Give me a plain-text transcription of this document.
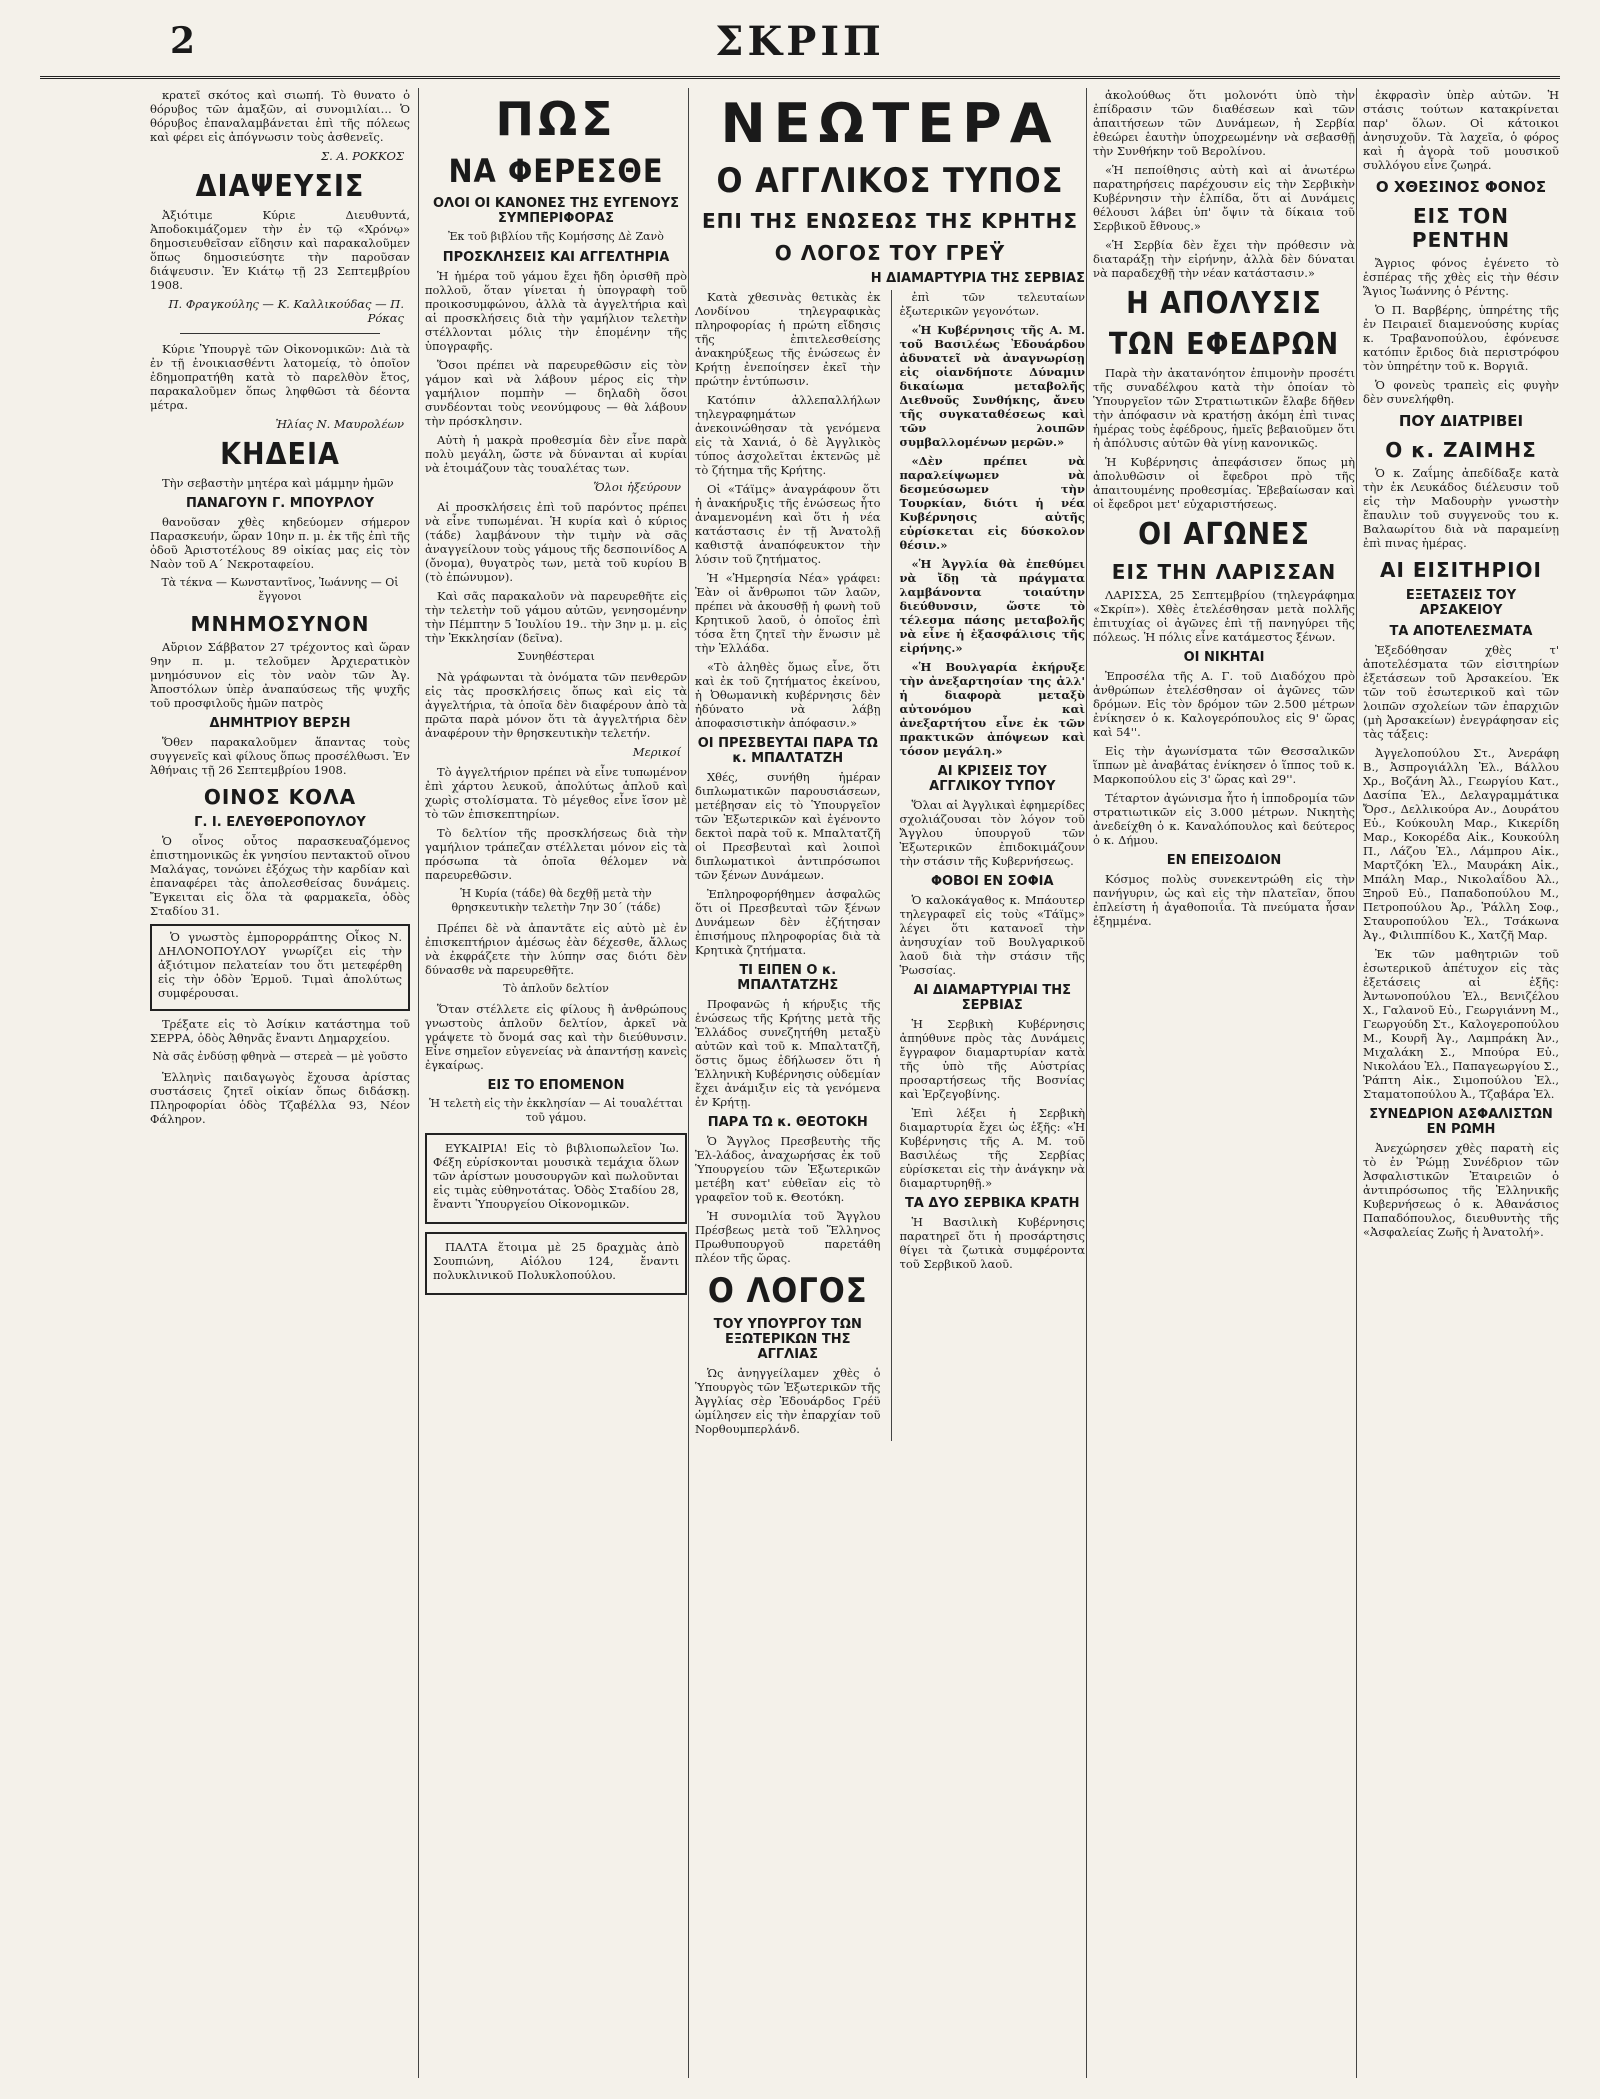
2	ΣΚΡΙΠ

κρατεῖ σκότος καὶ σιωπή. Τὸ θυνατο ὁ θόρυβος τῶν ἀμαξῶν, αἱ συνομιλίαι... Ὁ θόρυβος ἐπαναλαμβάνεται ἐπὶ τῆς πόλεως καὶ φέρει εἰς ἀπόγνωσιν τοὺς ἀσθενεῖς.

Σ. Α. ΡΟΚΚΟΣ
ΔΙΑΨΕΥΣΙΣ

Ἀξιότιμε Κύριε Διευθυντά, Ἀποδοκιμάζομεν τὴν ἐν τῷ «Χρόνῳ» δημοσιευθεῖσαν εἴδησιν καὶ παρακαλοῦμεν ὅπως δημοσιεύσητε τὴν παροῦσαν διάψευσιν. Ἐν Κιάτῳ τῇ 23 Σεπτεμβρίου 1908.

Π. Φραγκούλης — Κ. Καλλικούδας — Π. Ρόκας

Κύριε Ὑπουργὲ τῶν Οἰκονομικῶν: Διὰ τὰ ἐν τῇ ἐνοικιασθέντι λατομείᾳ, τὸ ὁποῖον ἐδημοπρατήθη κατὰ τὸ παρελθὸν ἔτος, παρακαλοῦμεν ὅπως ληφθῶσι τὰ δέοντα μέτρα.

Ἠλίας Ν. Μαυρολέων
ΚΗΔΕΙΑ

Τὴν σεβαστὴν μητέρα καὶ μάμμην ἡμῶν

ΠΑΝΑΓΟΥΝ Γ. ΜΠΟΥΡΛΟΥ

θανοῦσαν χθὲς κηδεύομεν σήμερον Παρασκευήν, ὥραν 10ην π. μ. ἐκ τῆς ἐπὶ τῆς ὁδοῦ Ἀριστοτέλους 89 οἰκίας μας εἰς τὸν Ναὸν τοῦ Α΄ Νεκροταφείου.

Τὰ τέκνα — Κωνσταντῖνος, Ἰωάννης — Οἱ ἔγγονοι
ΜΝΗΜΟΣΥΝΟΝ

Αὔριον Σάββατον 27 τρέχοντος καὶ ὥραν 9ην π. μ. τελοῦμεν Ἀρχιερατικὸν μνημόσυνον εἰς τὸν ναὸν τῶν Ἀγ. Ἀποστόλων ὑπὲρ ἀναπαύσεως τῆς ψυχῆς τοῦ προσφιλοῦς ἡμῶν πατρὸς

ΔΗΜΗΤΡΙΟΥ ΒΕΡΣΗ

Ὅθεν παρακαλοῦμεν ἅπαντας τοὺς συγγενεῖς καὶ φίλους ὅπως προσέλθωσι. Ἐν Ἀθήναις τῇ 26 Σεπτεμβρίου 1908.

ΟΙΝΟΣ ΚΟΛΑ
Γ. Ι. ΕΛΕΥΘΕΡΟΠΟΥΛΟΥ

Ὁ οἶνος οὗτος παρασκευαζόμενος ἐπιστημονικῶς ἐκ γνησίου πεντακτοῦ οἴνου Μαλάγας, τονώνει ἐξόχως τὴν καρδίαν καὶ ἐπαναφέρει τὰς ἀπολεσθείσας δυνάμεις. Ἔγκειται εἰς ὅλα τὰ φαρμακεῖα, ὁδὸς Σταδίου 31.

Ὁ γνωστὸς ἐμπορορράπτης Οἶκος Ν. ΔΗΛΟΝΟΠΟΥΛΟΥ γνωρίζει εἰς τὴν ἀξιότιμον πελατείαν του ὅτι μετεφέρθη εἰς τὴν ὁδὸν Ἑρμοῦ. Τιμαὶ ἀπολύτως συμφέρουσαι.

Τρέξατε εἰς τὸ Ἀσίκιν κατάστημα τοῦ ΣΕΡΡΑ, ὁδὸς Ἀθηνᾶς ἔναντι Δημαρχείου.

Νὰ σᾶς ἐνδύσῃ φθηνὰ — στερεὰ — μὲ γοῦστο

Ἑλληνὶς παιδαγωγὸς ἔχουσα ἀρίστας συστάσεις ζητεῖ οἰκίαν ὅπως διδάσκῃ. Πληροφορίαι ὁδὸς Τζαβέλλα 93, Νέον Φάληρον.

ΠΩΣ
ΝΑ ΦΕΡΕΣΘΕ
ΟΛΟΙ ΟΙ ΚΑΝΟΝΕΣ ΤΗΣ ΕΥΓΕΝΟΥΣ ΣΥΜΠΕΡΙΦΟΡΑΣ
Ἐκ τοῦ βιβλίου τῆς Κομήσσης Δὲ Ζανὸ
ΠΡΟΣΚΛΗΣΕΙΣ ΚΑΙ ΑΓΓΕΛΤΗΡΙΑ

Ἡ ἡμέρα τοῦ γάμου ἔχει ἤδη ὁρισθῆ πρὸ πολλοῦ, ὅταν γίνεται ἡ ὑπογραφὴ τοῦ προικοσυμφώνου, ἀλλὰ τὰ ἀγγελτήρια καὶ αἱ προσκλήσεις διὰ τὴν γαμήλιον τελετὴν στέλλονται μόλις τὴν ἐπομένην τῆς ὑπογραφῆς.

Ὅσοι πρέπει νὰ παρευρεθῶσιν εἰς τὸν γάμον καὶ νὰ λάβουν μέρος εἰς τὴν γαμήλιον πομπὴν — δηλαδὴ ὅσοι συνδέονται τοὺς νεονύμφους — θὰ λάβουν τὴν πρόσκλησιν.

Αὐτὴ ἡ μακρὰ προθεσμία δὲν εἶνε παρὰ πολὺ μεγάλη, ὥστε νὰ δύνανται αἱ κυρίαι νὰ ἑτοιμάζουν τὰς τουαλέτας των.

Ὅλοι ἠξεύρουν

Αἱ προσκλήσεις ἐπὶ τοῦ παρόντος πρέπει νὰ εἶνε τυπωμέναι. Ἡ κυρία καὶ ὁ κύριος (τάδε) λαμβάνουν τὴν τιμὴν νὰ σᾶς ἀναγγείλουν τοὺς γάμους τῆς δεσποινίδος Α (ὄνομα), θυγατρὸς των, μετὰ τοῦ κυρίου Β (τὸ ἐπώνυμον).

Καὶ σᾶς παρακαλοῦν νὰ παρευρεθῆτε εἰς τὴν τελετὴν τοῦ γάμου αὐτῶν, γενησομένην τὴν Πέμπτην 5 Ἰουλίου 19.. τὴν 3ην μ. μ. εἰς τὴν Ἐκκλησίαν (δεῖνα).

Συνηθέστεραι

Νὰ γράφωνται τὰ ὀνόματα τῶν πενθερῶν εἰς τὰς προσκλήσεις ὅπως καὶ εἰς τὰ ἀγγελτήρια, τὰ ὁποῖα δὲν διαφέρουν ἀπὸ τὰ πρῶτα παρὰ μόνον ὅτι τὰ ἀγγελτήρια δὲν ἀναφέρουν τὴν θρησκευτικὴν τελετήν.

Μερικοί

Τὸ ἀγγελτήριον πρέπει νὰ εἶνε τυπωμένον ἐπὶ χάρτου λευκοῦ, ἀπολύτως ἁπλοῦ καὶ χωρὶς στολίσματα. Τὸ μέγεθος εἶνε ἴσον μὲ τὸ τῶν ἐπισκεπτηρίων.

Τὸ δελτίον τῆς προσκλήσεως διὰ τὴν γαμήλιον τράπεζαν στέλλεται μόνον εἰς τὰ πρόσωπα τὰ ὁποῖα θέλομεν νὰ παρευρεθῶσιν.

Ἡ Κυρία (τάδε) θὰ δεχθῇ μετὰ τὴν θρησκευτικὴν τελετὴν 7ην 30΄ (τάδε)

Πρέπει δὲ νὰ ἀπαντᾶτε εἰς αὐτὸ μὲ ἐν ἐπισκεπτήριον ἀμέσως ἐὰν δέχεσθε, ἄλλως νὰ ἐκφράζετε τὴν λύπην σας διότι δὲν δύνασθε νὰ παρευρεθῆτε.

Τὸ ἁπλοῦν δελτίον

Ὅταν στέλλετε εἰς φίλους ἢ ἀνθρώπους γνωστοὺς ἁπλοῦν δελτίον, ἀρκεῖ νὰ γράψετε τὸ ὄνομά σας καὶ τὴν διεύθυνσιν. Εἶνε σημεῖον εὐγενείας νὰ ἀπαντήσῃ κανεὶς ἐγκαίρως.

ΕΙΣ ΤΟ ΕΠΟΜΕΝΟΝ
Ἡ τελετὴ εἰς τὴν ἐκκλησίαν — Αἱ τουαλέτται τοῦ γάμου.

ΕΥΚΑΙΡΙΑ! Εἰς τὸ βιβλιοπωλεῖον Ἰω. Φέξη εὑρίσκονται μουσικὰ τεμάχια ὅλων τῶν ἀρίστων μουσουργῶν καὶ πωλοῦνται εἰς τιμὰς εὐθηνοτάτας. Ὁδὸς Σταδίου 28, ἔναντι Ὑπουργείου Οἰκονομικῶν.

ΠΑΛΤΑ ἕτοιμα μὲ 25 δραχμὰς ἀπὸ Σουπιώνη, Αἰόλου 124, ἔναντι πολυκλινικοῦ Πολυκλοπούλου.

ΝΕΩΤΕΡΑ
Ο ΑΓΓΛΙΚΟΣ ΤΥΠΟΣ
ΕΠΙ ΤΗΣ ΕΝΩΣΕΩΣ ΤΗΣ ΚΡΗΤΗΣ
Ο ΛΟΓΟΣ ΤΟΥ ΓΡΕΫ
Η ΔΙΑΜΑΡΤΥΡΙΑ ΤΗΣ ΣΕΡΒΙΑΣ

Κατὰ χθεσινὰς θετικὰς ἐκ Λονδίνου τηλεγραφικὰς πληροφορίας ἡ πρώτη εἴδησις τῆς ἐπιτελεσθείσης ἀνακηρύξεως τῆς ἑνώσεως ἐν Κρήτῃ ἐνεποίησεν ἐκεῖ τὴν πρώτην ἐντύπωσιν.

Κατόπιν ἀλλεπαλλήλων τηλεγραφημάτων ἀνεκοινώθησαν τὰ γενόμενα εἰς τὰ Χανιά, ὁ δὲ Ἀγγλικὸς τύπος ἀσχολεῖται ἐκτενῶς μὲ τὸ ζήτημα τῆς Κρήτης.

Οἱ «Τάϊμς» ἀναγράφουν ὅτι ἡ ἀνακήρυξις τῆς ἑνώσεως ἦτο ἀναμενομένη καὶ ὅτι ἡ νέα κατάστασις ἐν τῇ Ἀνατολῇ καθιστᾷ ἀναπόφευκτον τὴν λύσιν τοῦ ζητήματος.

Ἡ «Ἡμερησία Νέα» γράφει: Ἐὰν οἱ ἄνθρωποι τῶν λαῶν, πρέπει νὰ ἀκουσθῇ ἡ φωνὴ τοῦ Κρητικοῦ λαοῦ, ὁ ὁποῖος ἐπὶ τόσα ἔτη ζητεῖ τὴν ἕνωσιν μὲ τὴν Ἑλλάδα.

«Τὸ ἀληθὲς ὅμως εἶνε, ὅτι καὶ ἐκ τοῦ ζητήματος ἐκείνου, ἡ Ὀθωμανικὴ κυβέρνησις δὲν ἠδύνατο νὰ λάβῃ ἀποφασιστικὴν ἀπόφασιν.»

ΟΙ ΠΡΕΣΒΕΥΤΑΙ ΠΑΡΑ ΤΩ κ. ΜΠΑΛΤΑΤΖΗ

Χθές, συνήθη ἡμέραν διπλωματικῶν παρουσιάσεων, μετέβησαν εἰς τὸ Ὑπουργεῖον τῶν Ἐξωτερικῶν καὶ ἐγένοντο δεκτοὶ παρὰ τοῦ κ. Μπαλτατζῆ οἱ Πρεσβευταὶ καὶ λοιποὶ διπλωματικοὶ ἀντιπρόσωποι τῶν ξένων Δυνάμεων.

Ἐπληροφορήθημεν ἀσφαλῶς ὅτι οἱ Πρεσβευταὶ τῶν ξένων Δυνάμεων δὲν ἐζήτησαν ἐπισήμους πληροφορίας διὰ τὰ Κρητικὰ ζητήματα.

ΤΙ ΕΙΠΕΝ Ο κ. ΜΠΑΛΤΑΤΖΗΣ

Προφανῶς ἡ κήρυξις τῆς ἑνώσεως τῆς Κρήτης μετὰ τῆς Ἑλλάδος συνεζητήθη μεταξὺ αὐτῶν καὶ τοῦ κ. Μπαλτατζῆ, ὅστις ὅμως ἐδήλωσεν ὅτι ἡ Ἑλληνικὴ Κυβέρνησις οὐδεμίαν ἔχει ἀνάμιξιν εἰς τὰ γενόμενα ἐν Κρήτῃ.

ΠΑΡΑ ΤΩ κ. ΘΕΟΤΟΚΗ

Ὁ Ἄγγλος Πρεσβευτὴς τῆς Ἐλ-λάδος, ἀναχωρήσας ἐκ τοῦ Ὑπουργείου τῶν Ἐξωτερικῶν μετέβη κατ' εὐθεῖαν εἰς τὸ γραφεῖον τοῦ κ. Θεοτόκη.

Ἡ συνομιλία τοῦ Ἄγγλου Πρέσβεως μετὰ τοῦ Ἕλληνος Πρωθυπουργοῦ παρετάθη πλέον τῆς ὥρας.

Ο ΛΟΓΟΣ
ΤΟΥ ΥΠΟΥΡΓΟΥ ΤΩΝ ΕΞΩΤΕΡΙΚΩΝ ΤΗΣ ΑΓΓΛΙΑΣ

Ὡς ἀνηγγείλαμεν χθὲς ὁ Ὑπουργὸς τῶν Ἐξωτερικῶν τῆς Ἀγγλίας σὲρ Ἐδουάρδος Γρέϋ ὡμίλησεν εἰς τὴν ἐπαρχίαν τοῦ Νορθουμπερλάνδ.

ἐπὶ τῶν τελευταίων ἐξωτερικῶν γεγονότων.

«Ἡ Κυβέρνησις τῆς Α. Μ. τοῦ Βασιλέως Ἐδουάρδου ἀδυνατεῖ νὰ ἀναγνωρίσῃ εἰς οἱανδήποτε Δύναμιν δικαίωμα μεταβολῆς Διεθνοῦς Συνθήκης, ἄνευ τῆς συγκαταθέσεως καὶ τῶν λοιπῶν συμβαλλομένων μερῶν.»

«Δὲν πρέπει νὰ παραλείψωμεν νὰ δεσμεύσωμεν τὴν Τουρκίαν, διότι ἡ νέα Κυβέρνησις αὐτῆς εὑρίσκεται εἰς δύσκολον θέσιν.»

«Ἡ Ἀγγλία θὰ ἐπεθύμει νὰ ἴδῃ τὰ πράγματα λαμβάνοντα τοιαύτην διεύθυνσιν, ὥστε τὸ τέλεσμα πάσης μεταβολῆς νὰ εἶνε ἡ ἐξασφάλισις τῆς εἰρήνης.»

«Ἡ Βουλγαρία ἐκήρυξε τὴν ἀνεξαρτησίαν της ἀλλ' ἡ διαφορὰ μεταξὺ αὐτονόμου καὶ ἀνεξαρτήτου εἶνε ἐκ τῶν πρακτικῶν ἀπόψεων καὶ τόσον μεγάλη.»

ΑΙ ΚΡΙΣΕΙΣ ΤΟΥ ΑΓΓΛΙΚΟΥ ΤΥΠΟΥ

Ὅλαι αἱ Ἀγγλικαὶ ἐφημερίδες σχολιάζουσαι τὸν λόγον τοῦ Ἄγγλου ὑπουργοῦ τῶν Ἐξωτερικῶν ἐπιδοκιμάζουν τὴν στάσιν τῆς Κυβερνήσεως.

ΦΟΒΟΙ ΕΝ ΣΟΦΙΑ

Ὁ καλοκάγαθος κ. Μπάουτερ τηλεγραφεῖ εἰς τοὺς «Τάϊμς» λέγει ὅτι κατανοεῖ τὴν ἀνησυχίαν τοῦ Βουλγαρικοῦ λαοῦ διὰ τὴν στάσιν τῆς Ῥωσσίας.

ΑΙ ΔΙΑΜΑΡΤΥΡΙΑΙ ΤΗΣ ΣΕΡΒΙΑΣ

Ἡ Σερβικὴ Κυβέρνησις ἀπηύθυνε πρὸς τὰς Δυνάμεις ἔγγραφον διαμαρτυρίαν κατὰ τῆς ὑπὸ τῆς Αὐστρίας προσαρτήσεως τῆς Βοσνίας καὶ Ἐρζεγοβίνης.

Ἐπὶ λέξει ἡ Σερβικὴ διαμαρτυρία ἔχει ὡς ἑξῆς: «Ἡ Κυβέρνησις τῆς Α. Μ. τοῦ Βασιλέως τῆς Σερβίας εὑρίσκεται εἰς τὴν ἀνάγκην νὰ διαμαρτυρηθῇ.»

ΤΑ ΔΥΟ ΣΕΡΒΙΚΑ ΚΡΑΤΗ

Ἡ Βασιλικὴ Κυβέρνησις παρατηρεῖ ὅτι ἡ προσάρτησις θίγει τὰ ζωτικὰ συμφέροντα τοῦ Σερβικοῦ λαοῦ.

ἀκολούθως ὅτι μολονότι ὑπὸ τὴν ἐπίδρασιν τῶν διαθέσεων καὶ τῶν ἀπαιτήσεων τῶν Δυνάμεων, ἡ Σερβία ἐθεώρει ἑαυτὴν ὑποχρεωμένην νὰ σεβασθῇ τὴν Συνθήκην τοῦ Βερολίνου.

«Ἡ πεποίθησις αὐτὴ καὶ αἱ ἀνωτέρω παρατηρήσεις παρέχουσιν εἰς τὴν Σερβικὴν Κυβέρνησιν τὴν ἐλπίδα, ὅτι αἱ Δυνάμεις θέλουσι λάβει ὑπ' ὄψιν τὰ δίκαια τοῦ Σερβικοῦ ἔθνους.»

«Ἡ Σερβία δὲν ἔχει τὴν πρόθεσιν νὰ διαταράξῃ τὴν εἰρήνην, ἀλλὰ δὲν δύναται νὰ παραδεχθῇ τὴν νέαν κατάστασιν.»

Η ΑΠΟΛΥΣΙΣ
ΤΩΝ ΕΦΕΔΡΩΝ

Παρὰ τὴν ἀκατανόητον ἐπιμονὴν προσέτι τῆς συναδέλφου κατὰ τὴν ὁποίαν τὸ Ὑπουργεῖον τῶν Στρατιωτικῶν ἔλαβε δῆθεν τὴν ἀπόφασιν νὰ κρατήσῃ ἀκόμη ἐπὶ τινας ἡμέρας τοὺς ἐφέδρους, ἡμεῖς βεβαιοῦμεν ὅτι ἡ ἀπόλυσις αὐτῶν θὰ γίνῃ κανονικῶς.

Ἡ Κυβέρνησις ἀπεφάσισεν ὅπως μὴ ἀπολυθῶσιν οἱ ἔφεδροι πρὸ τῆς ἀπαιτουμένης προθεσμίας. Ἐβεβαίωσαν καὶ οἱ ἔφεδροι μετ' εὐχαριστήσεως.

ΟΙ ΑΓΩΝΕΣ
ΕΙΣ ΤΗΝ ΛΑΡΙΣΣΑΝ

ΛΑΡΙΣΣΑ, 25 Σεπτεμβρίου (τηλεγράφημα «Σκρίπ»). Χθὲς ἐτελέσθησαν μετὰ πολλῆς ἐπιτυχίας οἱ ἀγῶνες ἐπὶ τῇ πανηγύρει τῆς πόλεως. Ἡ πόλις εἶνε κατάμεστος ξένων.

ΟΙ ΝΙΚΗΤΑΙ

Ἐπροσέλα τῆς Α. Γ. τοῦ Διαδόχου πρὸ ἀνθρώπων ἐτελέσθησαν οἱ ἀγῶνες τῶν δρόμων. Εἰς τὸν δρόμον τῶν 2.500 μέτρων ἐνίκησεν ὁ κ. Καλογερόπουλος εἰς 9' ὥρας καὶ 54''.

Εἰς τὴν ἀγωνίσματα τῶν Θεσσαλικῶν ἵππων μὲ ἀναβάτας ἐνίκησεν ὁ ἵππος τοῦ κ. Μαρκοπούλου εἰς 3' ὥρας καὶ 29''.

Τέταρτον ἀγώνισμα ἦτο ἡ ἱπποδρομία τῶν στρατιωτικῶν εἰς 3.000 μέτρων. Νικητὴς ἀνεδείχθη ὁ κ. Καναλόπουλος καὶ δεύτερος ὁ κ. Δήμου.

ΕΝ ΕΠΕΙΣΟΔΙΟΝ

Κόσμος πολὺς συνεκεντρώθη εἰς τὴν πανήγυριν, ὡς καὶ εἰς τὴν πλατεῖαν, ὅπου ἐπλείστη ἡ ἀγαθοποιΐα. Τὰ πνεύματα ἦσαν ἐξημμένα.

ἐκφρασὶν ὑπὲρ αὐτῶν. Ἡ στάσις τούτων κατακρίνεται παρ' ὅλων. Οἱ κάτοικοι ἀνησυχοῦν. Τὰ λαχεῖα, ὁ φόρος καὶ ἡ ἀγορὰ τοῦ μουσικοῦ συλλόγου εἶνε ζωηρά.

Ο ΧΘΕΣΙΝΟΣ ΦΟΝΟΣ
ΕΙΣ ΤΟΝ ΡΕΝΤΗΝ

Ἄγριος φόνος ἐγένετο τὸ ἑσπέρας τῆς χθὲς εἰς τὴν θέσιν Ἅγιος Ἰωάννης ὁ Ρέντης.

Ὁ Π. Βαρβέρης, ὑπηρέτης τῆς ἐν Πειραιεῖ διαμενούσης κυρίας κ. Τραβανοπούλου, ἐφόνευσε κατόπιν ἔριδος διὰ περιστρόφου τὸν ὑπηρέτην τοῦ κ. Βοργιᾶ.

Ὁ φονεὺς τραπεὶς εἰς φυγὴν δὲν συνελήφθη.

ΠΟΥ ΔΙΑΤΡΙΒΕΙ
Ο κ. ΖΑΙΜΗΣ

Ὁ κ. Ζαΐμης ἀπεδίδαξε κατὰ τὴν ἐκ Λευκάδος διέλευσιν τοῦ εἰς τὴν Μαδουρὴν γνωστὴν ἔπαυλιν τοῦ συγγενοῦς του κ. Βαλαωρίτου διὰ νὰ παραμείνῃ ἐπὶ πινας ἡμέρας.

ΑΙ ΕΙΣΙΤΗΡΙΟΙ
ΕΞΕΤΑΣΕΙΣ ΤΟΥ ΑΡΣΑΚΕΙΟΥ
ΤΑ ΑΠΟΤΕΛΕΣΜΑΤΑ

Ἐξεδόθησαν χθὲς τ' ἀποτελέσματα τῶν εἰσιτηρίων ἐξετάσεων τοῦ Ἀρσακείου. Ἐκ τῶν τοῦ ἐσωτερικοῦ καὶ τῶν λοιπῶν σχολείων τῶν ἐπαρχιῶν (μὴ Ἀρσακείων) ἐνεγράφησαν εἰς τὰς τάξεις:

Ἀγγελοπούλου Στ., Ἀνεράφη Β., Ἀσπρογιάλλη Ἐλ., Βάλλου Χρ., Βοζάνη Ἀλ., Γεωργίου Κατ., Δασίπα Ἐλ., Δελαγραμμάτικα Ὄρσ., Δελλικούρα Αν., Δουράτου Εὐ., Κούκουλη Μαρ., Κικερίδη Μαρ., Κοκορέδα Αἰκ., Κουκούλη Π., Λάζου Ἐλ., Λάμπρου Αἰκ., Μαρτζόκη Ἐλ., Μαυράκη Αἰκ., Μπάλη Μαρ., Νικολαΐδου Ἀλ., Ξηροῦ Εὐ., Παπαδοπούλου Μ., Πετροπούλου Ἀρ., Ῥάλλη Σοφ., Σταυροπούλου Ἐλ., Τσάκωνα Ἀγ., Φιλιππίδου Κ., Χατζῆ Μαρ.

Ἐκ τῶν μαθητριῶν τοῦ ἐσωτερικοῦ ἀπέτυχον εἰς τὰς ἐξετάσεις αἱ ἑξῆς: Ἀντωνοπούλου Ἐλ., Βενιζέλου Χ., Γαλανοῦ Εὐ., Γεωργιάννη Μ., Γεωργούδη Στ., Καλογεροπούλου Μ., Κουρῆ Ἀγ., Λαμπράκη Ἀν., Μιχαλάκη Σ., Μπούρα Εὐ., Νικολάου Ἐλ., Παπαγεωργίου Σ., Ῥάπτη Αἰκ., Σιμοπούλου Ἐλ., Σταματοπούλου Ἀ., Τζαβάρα Ἐλ.

ΣΥΝΕΔΡΙΟΝ ΑΣΦΑΛΙΣΤΩΝ ΕΝ ΡΩΜΗ

Ἀνεχώρησεν χθὲς παρατὴ εἰς τὸ ἐν Ῥώμῃ Συνέδριον τῶν Ἀσφαλιστικῶν Ἑταιρειῶν ὁ ἀντιπρόσωπος τῆς Ἑλληνικῆς Κυβερνήσεως ὁ κ. Ἀθανάσιος Παπαδόπουλος, διευθυντὴς τῆς «Ἀσφαλείας Ζωῆς ἡ Ἀνατολή».
